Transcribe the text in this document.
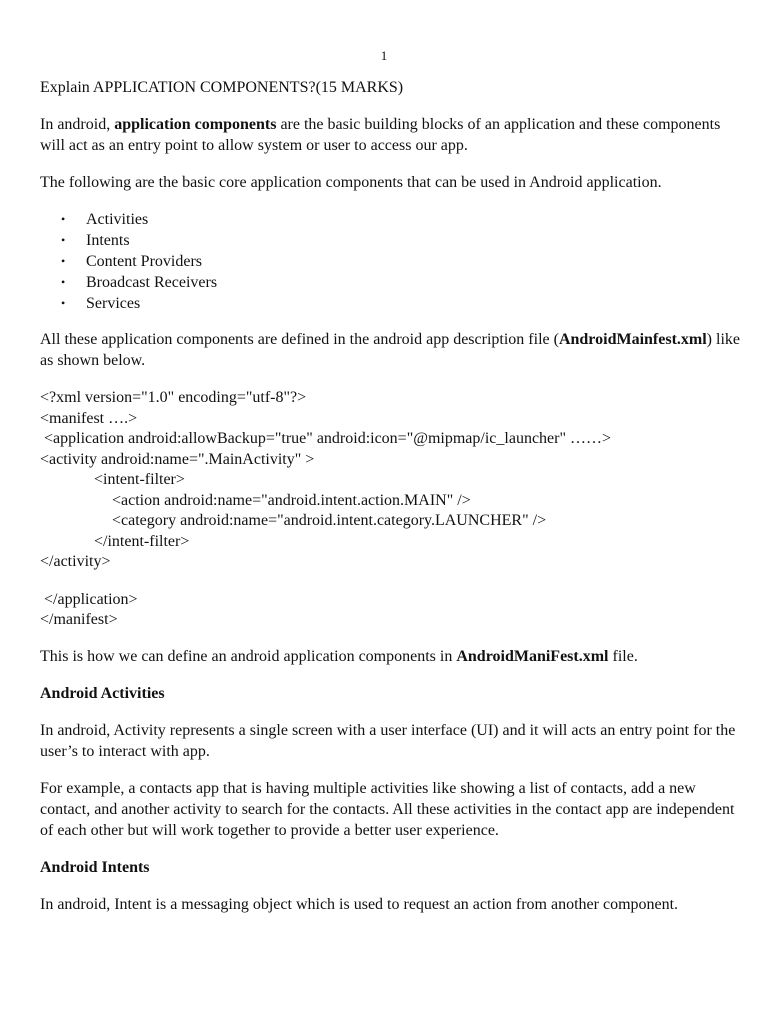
1

Explain APPLICATION COMPONENTS?(15 MARKS)

In android, application components are the basic building blocks of an application and these components will act as an entry point to allow system or user to access our app.

The following are the basic core application components that can be used in Android application.

• Activities
• Intents
• Content Providers
• Broadcast Receivers
• Services

All these application components are defined in the android app description file (AndroidMainfest.xml) like as shown below.

<?xml version="1.0" encoding="utf-8"?>
<manifest ….>
<application android:allowBackup="true" android:icon="@mipmap/ic_launcher" ……>
<activity android:name=".MainActivity" >
<intent-filter>
<action android:name="android.intent.action.MAIN" />
<category android:name="android.intent.category.LAUNCHER" />
</intent-filter>
</activity>
</application>
</manifest>

This is how we can define an android application components in AndroidManiFest.xml file.

Android Activities

In android, Activity represents a single screen with a user interface (UI) and it will acts an entry point for the user’s to interact with app.

For example, a contacts app that is having multiple activities like showing a list of contacts, add a new contact, and another activity to search for the contacts. All these activities in the contact app are independent of each other but will work together to provide a better user experience.

Android Intents

In android, Intent is a messaging object which is used to request an action from another component.
